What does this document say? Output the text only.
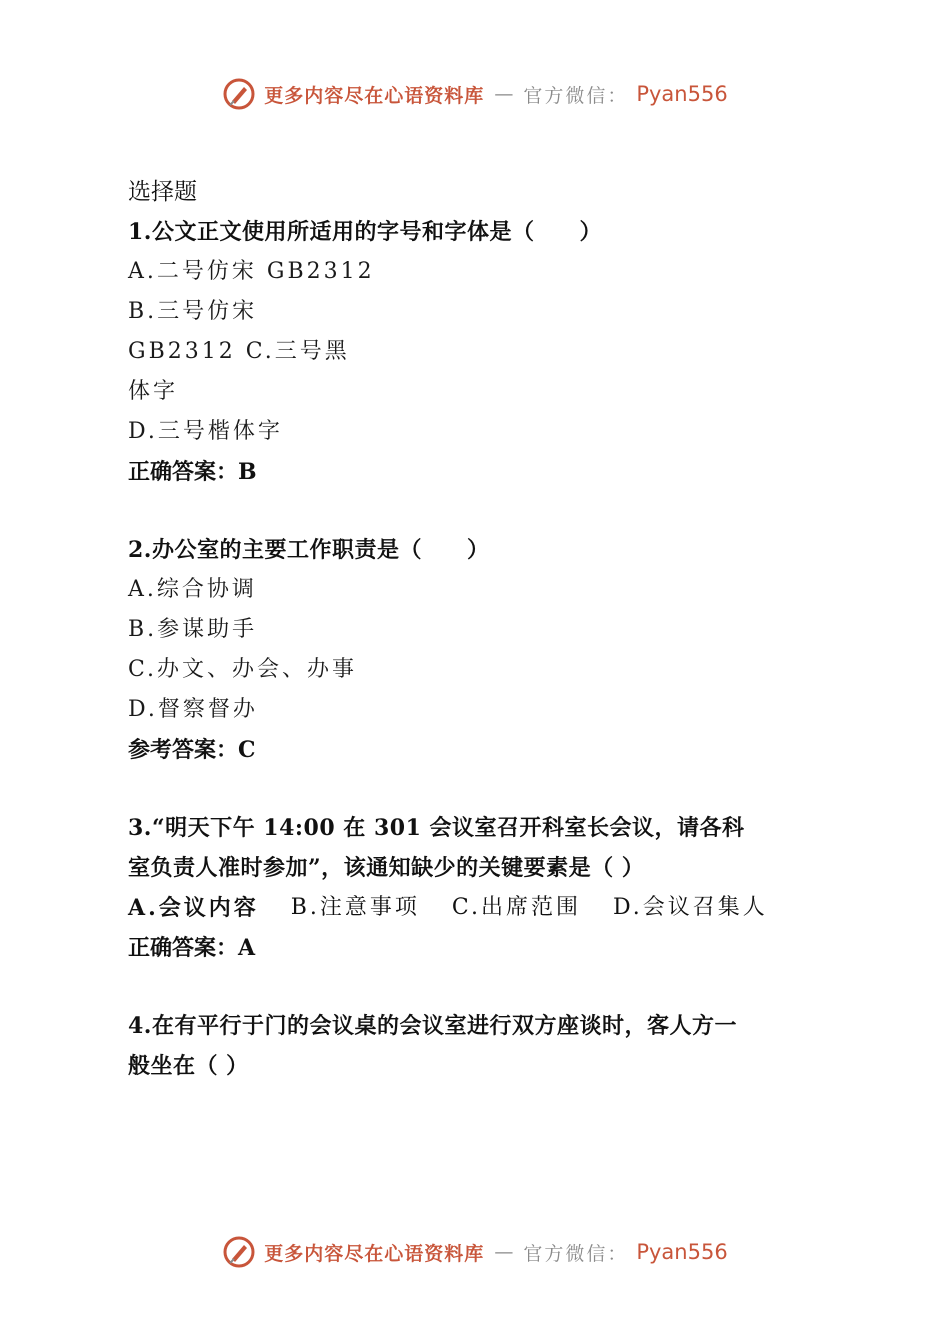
更多内容尽在心语资料库 — 官方微信： Pyan556
选择题
1.公文正文使用所适用的字号和字体是（　　）
A.二号仿宋 GB2312
B.三号仿宋
GB2312 C.三号黑
体字
D.三号楷体字
正确答案：B
2.办公室的主要工作职责是（　　）
A.综合协调
B.参谋助手
C.办文、办会、办事
D.督察督办
参考答案：C
3.“明天下午 14:00 在 301 会议室召开科室长会议，请各科
室负责人准时参加”，该通知缺少的关键要素是（ ）
A.会议内容 B.注意事项 C.出席范围 D.会议召集人
正确答案：A
4.在有平行于门的会议桌的会议室进行双方座谈时，客人方一
般坐在（ ）
更多内容尽在心语资料库 — 官方微信： Pyan556
